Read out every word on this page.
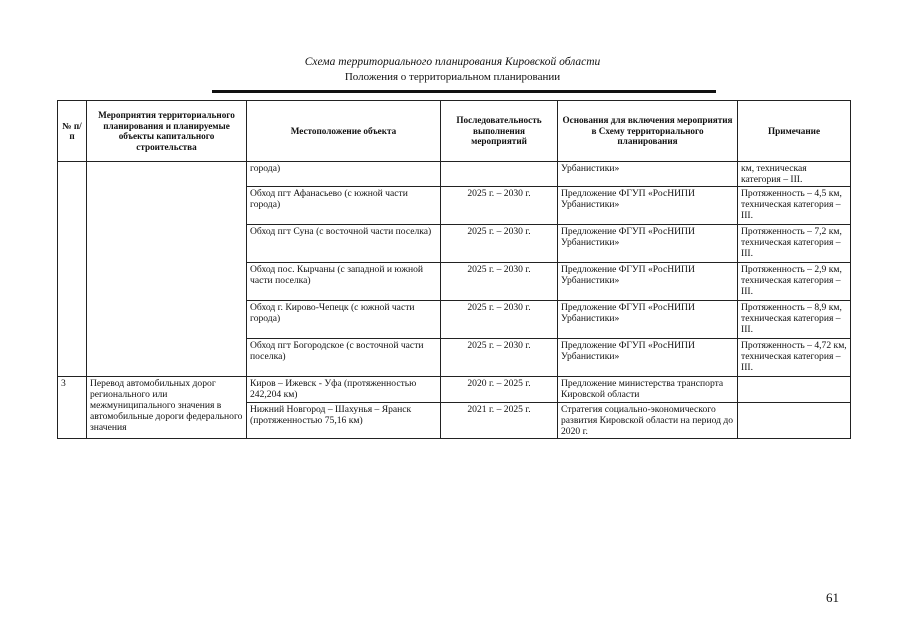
Схема территориального планирования Кировской области
Положения о территориальном планировании
№ п/п	Мероприятия территориального планирования и планируемые объекты капитального строительства	Местоположение объекта	Последовательность выполнения мероприятий	Основания для включения мероприятия в Схему территориального планирования	Примечание
		города)		Урбанистики»	км, техническая категория – III.
		Обход пгт Афанасьево (с южной части города)	2025 г. – 2030 г.	Предложение ФГУП «РосНИПИ Урбанистики»	Протяженность – 4,5 км, техническая категория – III.
		Обход пгт Суна (с восточной части поселка)	2025 г. – 2030 г.	Предложение ФГУП «РосНИПИ Урбанистики»	Протяженность – 7,2 км, техническая категория – III.
		Обход пос. Кырчаны (с западной и южной части поселка)	2025 г. – 2030 г.	Предложение ФГУП «РосНИПИ Урбанистики»	Протяженность – 2,9 км, техническая категория – III.
		Обход г. Кирово-Чепецк (с южной части города)	2025 г. – 2030 г.	Предложение ФГУП «РосНИПИ Урбанистики»	Протяженность – 8,9 км, техническая категория – III.
		Обход пгт Богородское (с восточной части поселка)	2025 г. – 2030 г.	Предложение ФГУП «РосНИПИ Урбанистики»	Протяженность – 4,72 км, техническая категория – III.
3	Перевод автомобильных дорог регионального или межмуниципального значения в автомобильные дороги федерального значения	Киров – Ижевск - Уфа (протяженностью 242,204 км)	2020 г. – 2025 г.	Предложение министерства транспорта Кировской области	
		Нижний Новгород – Шахунья – Яранск (протяженностью 75,16 км)	2021 г. – 2025 г.	Стратегия социально-экономического развития Кировской области на период до 2020 г.	
61
